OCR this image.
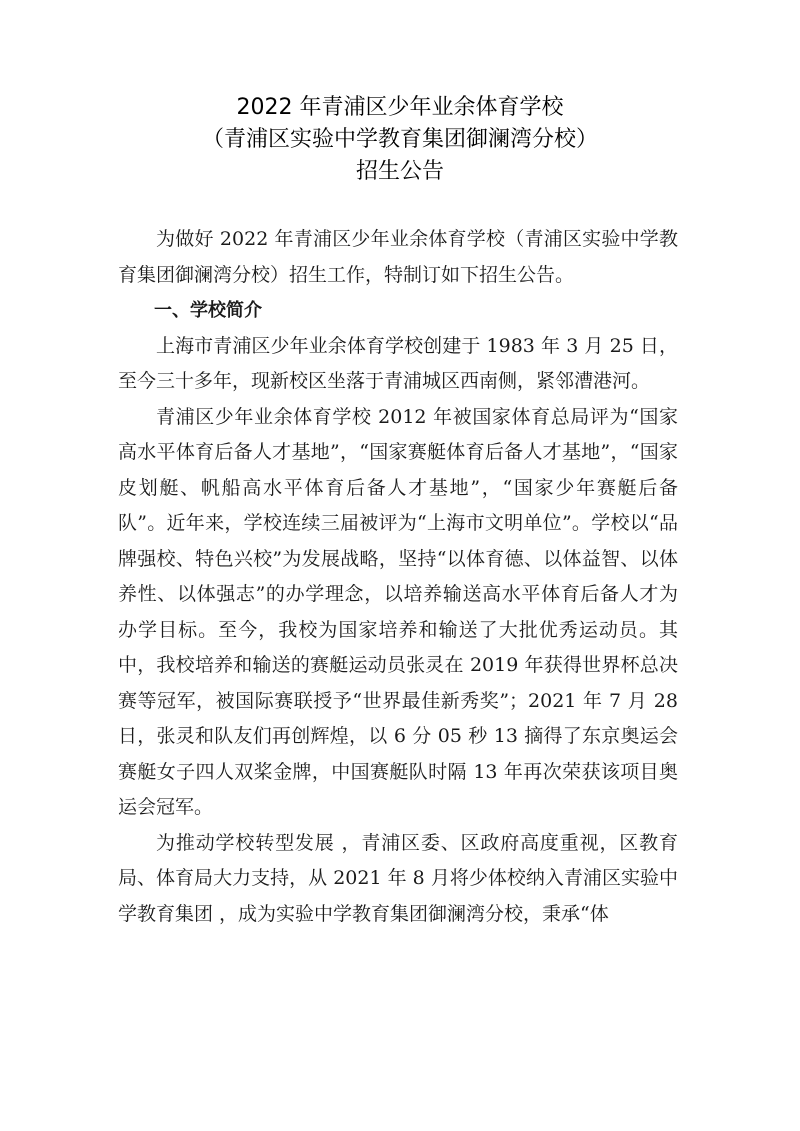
2022 年青浦区少年业余体育学校
（青浦区实验中学教育集团御澜湾分校）
招生公告

为做好 2022 年青浦区少年业余体育学校（青浦区实验中学教育集团御澜湾分校）招生工作，特制订如下招生公告。

一、学校简介

上海市青浦区少年业余体育学校创建于 1983 年 3 月 25 日， 至今三十多年，现新校区坐落于青浦城区西南侧，紧邻漕港河。

青浦区少年业余体育学校 2012 年被国家体育总局评为“国家高水平体育后备人才基地”，“国家赛艇体育后备人才基地”，“国家皮划艇、帆船高水平体育后备人才基地”，“国家少年赛艇后备队”。近年来，学校连续三届被评为“上海市文明单位”。学校以“品牌强校、特色兴校”为发展战略，坚持“以体育德、以体益智、以体养性、以体强志”的办学理念，以培养输送高水平体育后备人才为办学目标。至今，我校为国家培养和输送了大批优秀运动员。其中，我校培养和输送的赛艇运动员张灵在 2019 年获得世界杯总决赛等冠军，被国际赛联授予“世界最佳新秀奖”；2021 年 7 月 28 日，张灵和队友们再创辉煌，以 6 分 05 秒 13 摘得了东京奥运会赛艇女子四人双桨金牌，中国赛艇队时隔 13 年再次荣获该项目奥运会冠军。

为推动学校转型发展 ，青浦区委、区政府高度重视，区教育局、体育局大力支持，从 2021 年 8 月将少体校纳入青浦区实验中学教育集团 ，成为实验中学教育集团御澜湾分校，秉承“体
